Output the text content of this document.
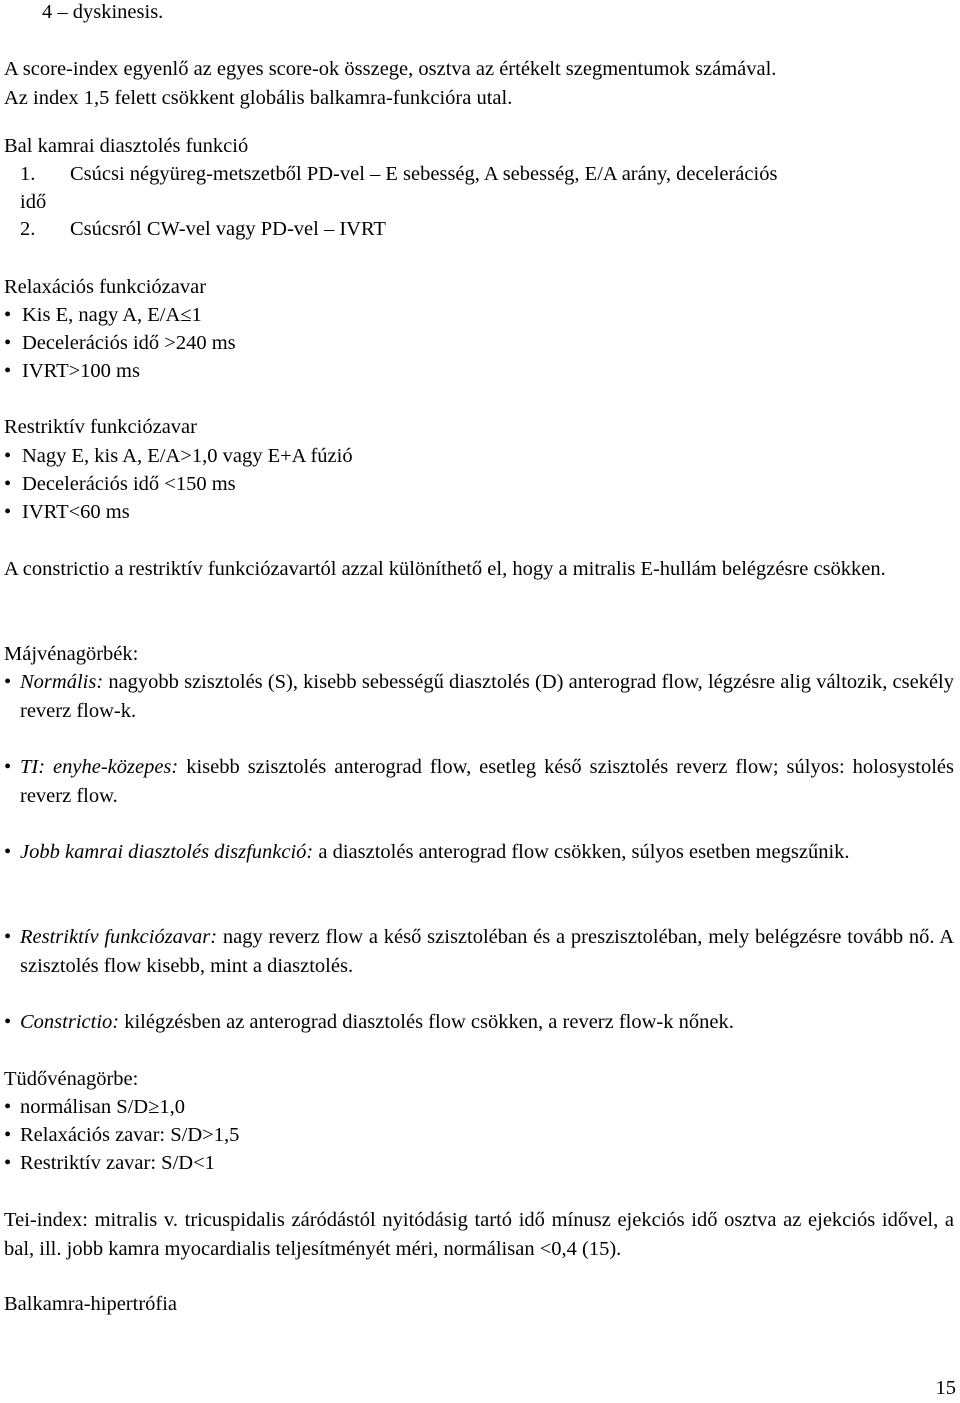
4 – dyskinesis.

A score-index egyenlő az egyes score-ok összege, osztva az értékelt szegmentumok számával.

Az index 1,5 felett csökkent globális balkamra-funkcióra utal.

Bal kamrai diasztolés funkció

1. Csúcsi négyüreg-metszetből PD-vel – E sebesség, A sebesség, E/A arány, decelerációs

idő

2. Csúcsról CW-vel vagy PD-vel – IVRT

Relaxációs funkciózavar

• Kis E, nagy A, E/A≤1

• Decelerációs idő >240 ms

• IVRT>100 ms

Restriktív funkciózavar

• Nagy E, kis A, E/A>1,0 vagy E+A fúzió

• Decelerációs idő <150 ms

• IVRT<60 ms

A constrictio a restriktív funkciózavartól azzal különíthető el, hogy a mitralis E-hullám belégzésre csökken.

Májvénagörbék:

• Normális: nagyobb szisztolés (S), kisebb sebességű diasztolés (D) anterograd flow, légzésre alig változik, csekély reverz flow-k.

• TI: enyhe-közepes: kisebb szisztolés anterograd flow, esetleg késő szisztolés reverz flow; súlyos: holosystolés reverz flow.

• Jobb kamrai diasztolés diszfunkció: a diasztolés anterograd flow csökken, súlyos esetben megszűnik.

• Restriktív funkciózavar: nagy reverz flow a késő szisztoléban és a preszisztoléban, mely belégzésre tovább nő. A szisztolés flow kisebb, mint a diasztolés.

• Constrictio: kilégzésben az anterograd diasztolés flow csökken, a reverz flow-k nőnek.

Tüdővénagörbe:

• normálisan S/D≥1,0

• Relaxációs zavar: S/D>1,5

• Restriktív zavar: S/D<1

Tei-index: mitralis v. tricuspidalis záródástól nyitódásig tartó idő mínusz ejekciós idő osztva az ejekciós idővel, a bal, ill. jobb kamra myocardialis teljesítményét méri, normálisan <0,4 (15).

Balkamra-hipertrófia

15
